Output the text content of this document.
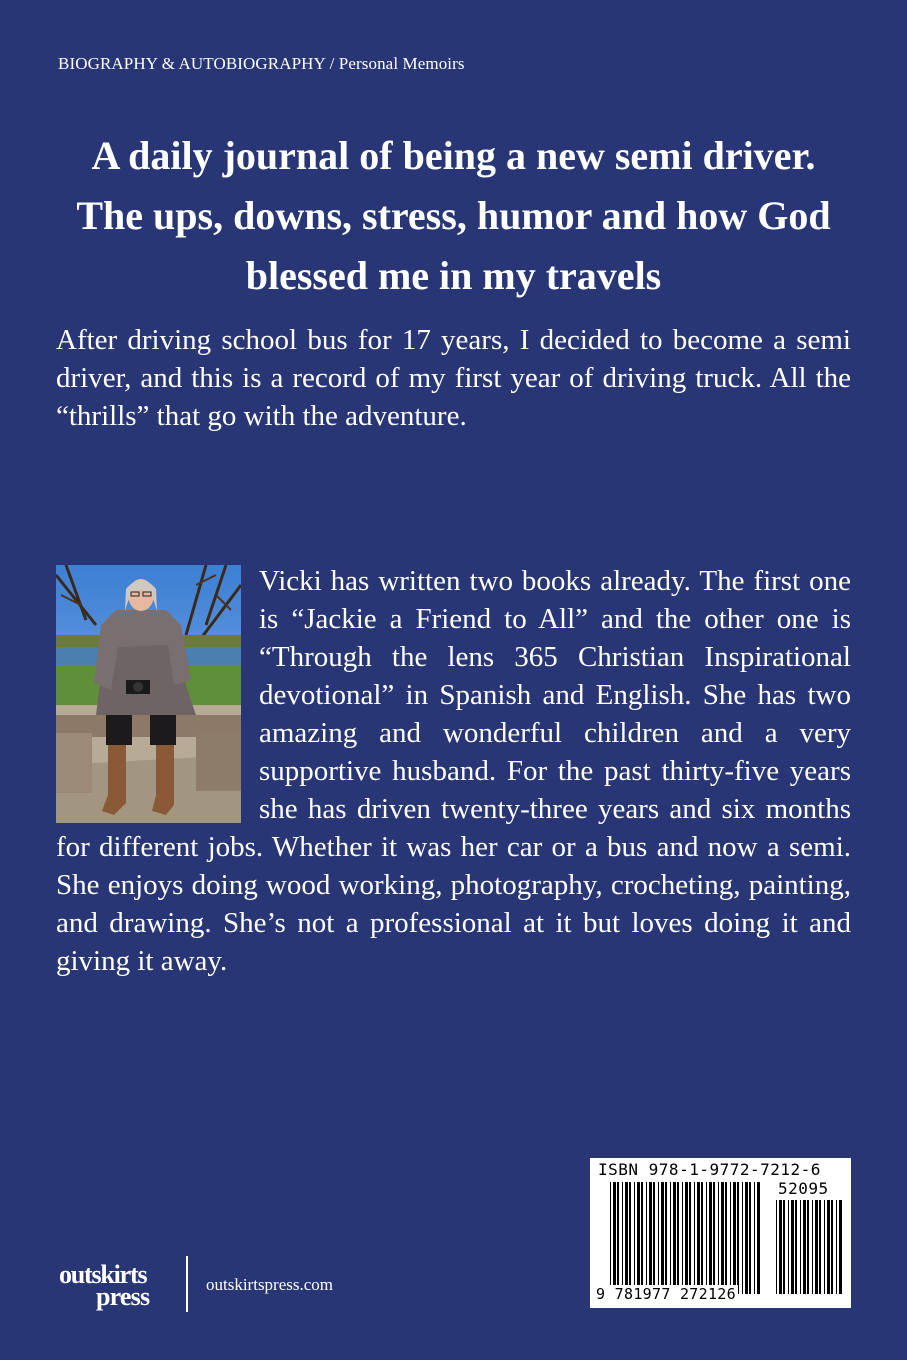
BIOGRAPHY & AUTOBIOGRAPHY / Personal Memoirs
A daily journal of being a new semi driver. The ups, downs, stress, humor and how God blessed me in my travels

After driving school bus for 17 years, I decided to become a semi driver, and this is a record of my first year of driving truck. All the “thrills” that go with the adventure.

Vicki has written two books already. The first one is “Jackie a Friend to All” and the other one is “Through the lens 365 Christian Inspirational devotional” in Spanish and English. She has two amazing and wonderful children and a very supportive husband. For the past thirty-five years she has driven twenty-three years and six months for different jobs. Whether it was her car or a bus and now a semi. She enjoys doing wood working, photography, crocheting, painting, and drawing. She’s not a professional at it but loves doing it and giving it away.

ISBN 978-1-9772-7212-6
52095
9 781977 272126
outskirts
press	outskirtspress.com
